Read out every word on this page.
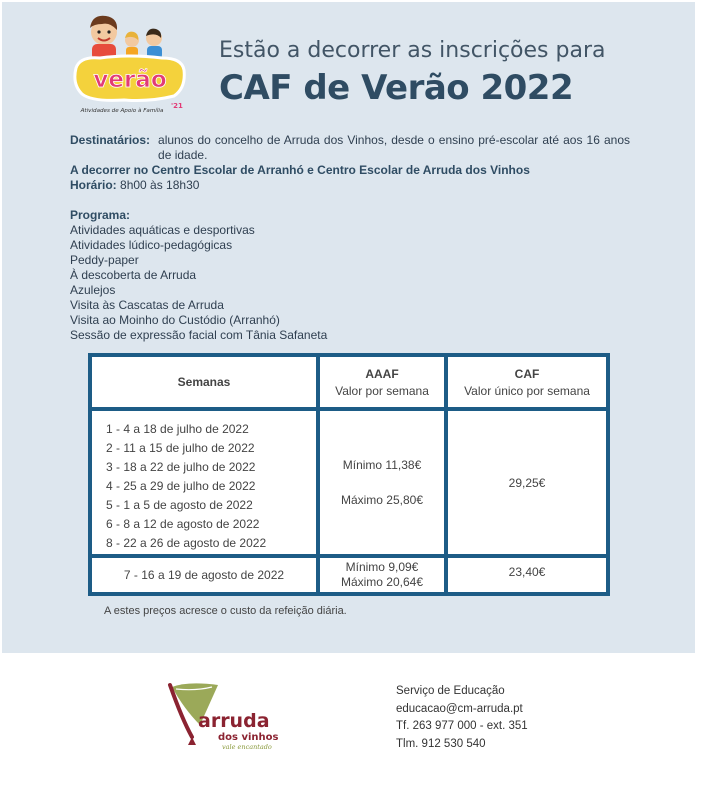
verão
'21
Atividades de Apoio à Família
Estão a decorrer as inscrições para
CAF de Verão 2022
Destinatários: alunos do concelho de Arruda dos Vinhos, desde o ensino pré-escolar até aos 16 anos de idade.
A decorrer no Centro Escolar de Arranhó e Centro Escolar de Arruda dos Vinhos
Horário: 8h00 às 18h30
Programa:
Atividades aquáticas e desportivas
Atividades lúdico-pedagógicas
Peddy-paper
À descoberta de Arruda
Azulejos
Visita às Cascatas de Arruda
Visita ao Moinho do Custódio (Arranhó)
Sessão de expressão facial com Tânia Safaneta
Semanas
AAAF
Valor por semana
CAF
Valor único por semana
1 - 4 a 18 de julho de 2022
2 - 11 a 15 de julho de 2022
3 - 18 a 22 de julho de 2022
4 - 25 a 29 de julho de 2022
5 - 1 a 5 de agosto de 2022
6 - 8 a 12 de agosto de 2022
8 - 22 a 26 de agosto de 2022
Mínimo 11,38€
Máximo 25,80€
29,25€
7 - 16 a 19 de agosto de 2022
Mínimo 9,09€
Máximo 20,64€
23,40€
A estes preços acresce o custo da refeição diária.
arruda
dos vinhos
vale encantado
Serviço de Educação
educacao@cm-arruda.pt
Tf. 263 977 000 - ext. 351
Tlm. 912 530 540
